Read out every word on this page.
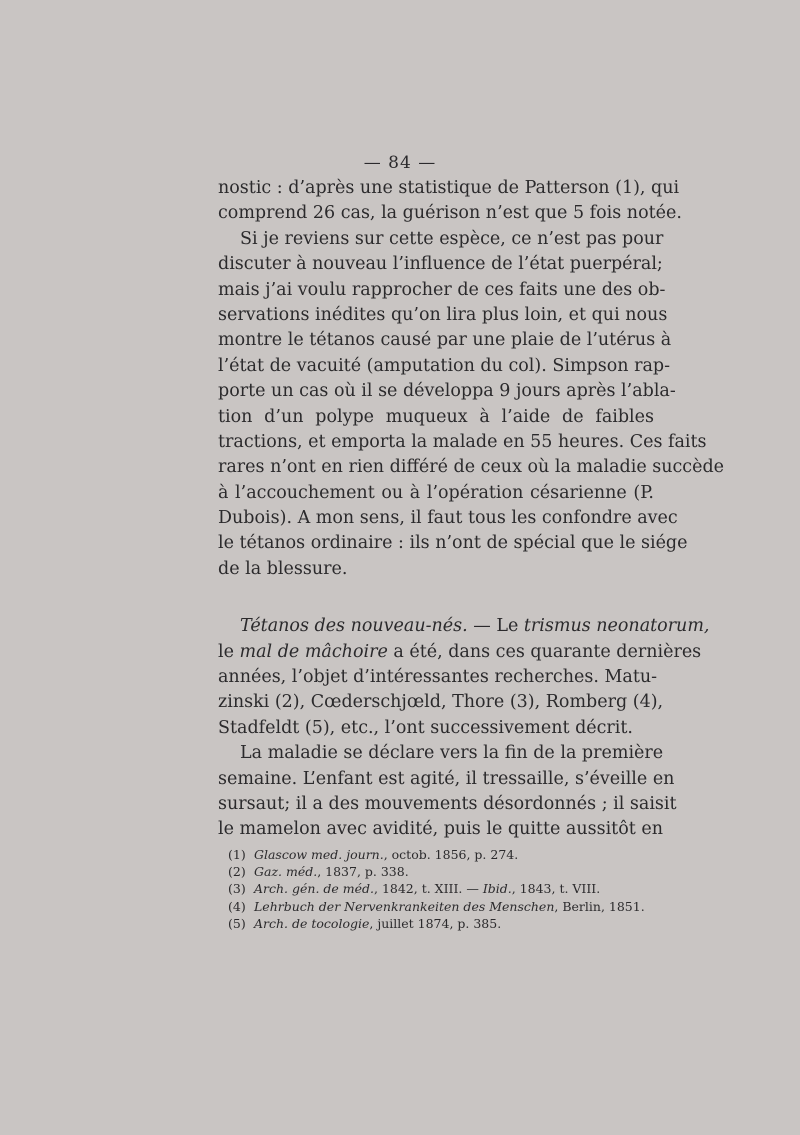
— 84 —
nostic : d’après une statistique de Patterson (1), qui
comprend 26 cas, la guérison n’est que 5 fois notée.
Si je reviens sur cette espèce, ce n’est pas pour
discuter à nouveau l’influence de l’état puerpéral;
mais j’ai voulu rapprocher de ces faits une des ob-
servations inédites qu’on lira plus loin, et qui nous
montre le tétanos causé par une plaie de l’utérus à
l’état de vacuité (amputation du col). Simpson rap-
porte un cas où il se développa 9 jours après l’abla-
tion d’un polype muqueux à l’aide de faibles
tractions, et emporta la malade en 55 heures. Ces faits
rares n’ont en rien différé de ceux où la maladie succède
à l’accouchement ou à l’opération césarienne (P.
Dubois). A mon sens, il faut tous les confondre avec
le tétanos ordinaire : ils n’ont de spécial que le siége
de la blessure.
Tétanos des nouveau-nés. — Le trismus neonatorum,
le mal de mâchoire a été, dans ces quarante dernières
années, l’objet d’intéressantes recherches. Matu-
zinski (2), Cœderschjœld, Thore (3), Romberg (4),
Stadfeldt (5), etc., l’ont successivement décrit.
La maladie se déclare vers la fin de la première
semaine. L’enfant est agité, il tressaille, s’éveille en
sursaut; il a des mouvements désordonnés ; il saisit
le mamelon avec avidité, puis le quitte aussitôt en
(1) Glascow med. journ., octob. 1856, p. 274.
(2) Gaz. méd., 1837, p. 338.
(3) Arch. gén. de méd., 1842, t. XIII. — Ibid., 1843, t. VIII.
(4) Lehrbuch der Nervenkrankeiten des Menschen, Berlin, 1851.
(5) Arch. de tocologie, juillet 1874, p. 385.
